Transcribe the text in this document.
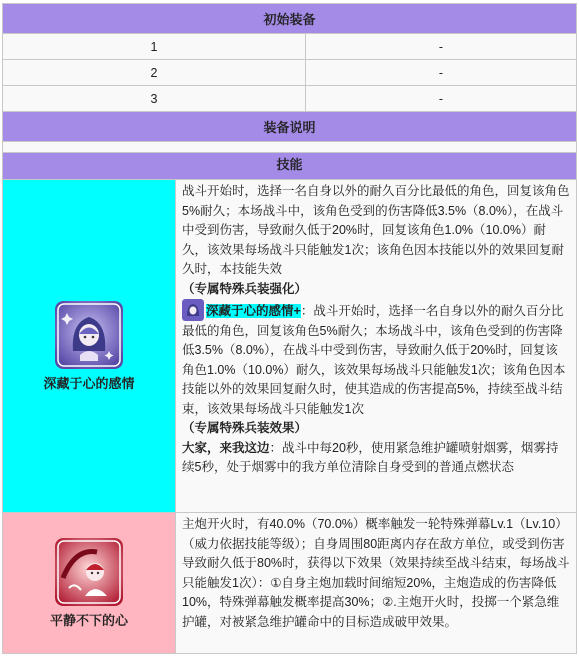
初始装备	
1	-
2	-
3	-
装备说明	

技能	

深藏于心的感情	战斗开始时，选择一名自身以外的耐久百分比最低的角色，回复该角色5%耐久；本场战斗中，该角色受到的伤害降低3.5%（8.0%），在战斗中受到伤害，导致耐久低于20%时，回复该角色1.0%（10.0%）耐久，该效果每场战斗只能触发1次；该角色因本技能以外的效果回复耐久时，本技能失效
（专属特殊兵装强化）
深藏于心的感情+：战斗开始时，选择一名自身以外的耐久百分比最低的角色，回复该角色5%耐久；本场战斗中，该角色受到的伤害降低3.5%（8.0%），在战斗中受到伤害，导致耐久低于20%时，回复该角色1.0%（10.0%）耐久，该效果每场战斗只能触发1次；该角色因本技能以外的效果回复耐久时，使其造成的伤害提高5%，持续至战斗结束，该效果每场战斗只能触发1次
（专属特殊兵装效果）
大家，来我这边：战斗中每20秒，使用紧急维护罐喷射烟雾，烟雾持续5秒，处于烟雾中的我方单位清除自身受到的普通点燃状态

平静不下的心	主炮开火时，有40.0%（70.0%）概率触发一轮特殊弹幕Lv.1（Lv.10）（威力依据技能等级）；自身周围80距离内存在敌方单位，或受到伤害导致耐久低于80%时，获得以下效果（效果持续至战斗结束，每场战斗只能触发1次）：①自身主炮加载时间缩短20%，主炮造成的伤害降低10%，特殊弹幕触发概率提高30%；②.主炮开火时，投掷一个紧急维护罐，对被紧急维护罐命中的目标造成破甲效果。
